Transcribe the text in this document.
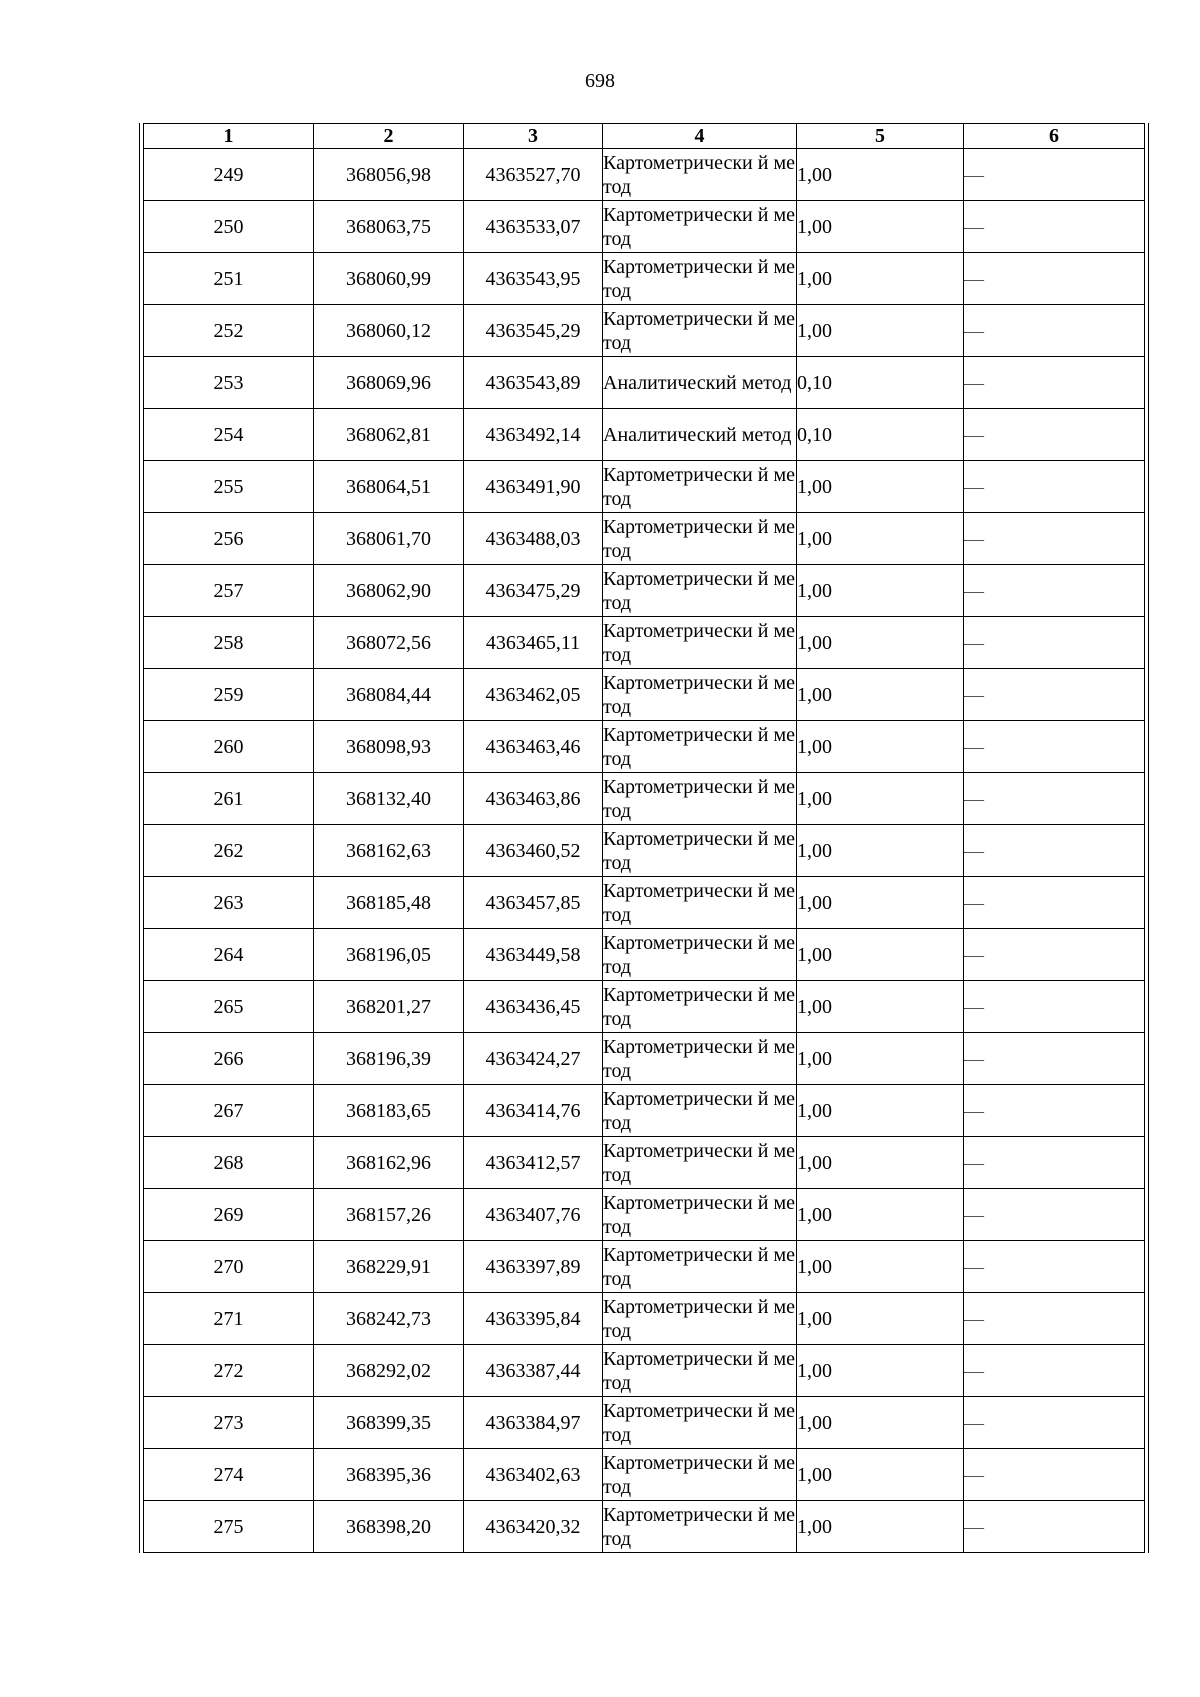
698
1	2	3	4	5	6
249	368056,98	4363527,70	Картометрически й метод	1,00	—
250	368063,75	4363533,07	Картометрически й метод	1,00	—
251	368060,99	4363543,95	Картометрически й метод	1,00	—
252	368060,12	4363545,29	Картометрически й метод	1,00	—
253	368069,96	4363543,89	Аналитический метод	0,10	—
254	368062,81	4363492,14	Аналитический метод	0,10	—
255	368064,51	4363491,90	Картометрически й метод	1,00	—
256	368061,70	4363488,03	Картометрически й метод	1,00	—
257	368062,90	4363475,29	Картометрически й метод	1,00	—
258	368072,56	4363465,11	Картометрически й метод	1,00	—
259	368084,44	4363462,05	Картометрически й метод	1,00	—
260	368098,93	4363463,46	Картометрически й метод	1,00	—
261	368132,40	4363463,86	Картометрически й метод	1,00	—
262	368162,63	4363460,52	Картометрически й метод	1,00	—
263	368185,48	4363457,85	Картометрически й метод	1,00	—
264	368196,05	4363449,58	Картометрически й метод	1,00	—
265	368201,27	4363436,45	Картометрически й метод	1,00	—
266	368196,39	4363424,27	Картометрически й метод	1,00	—
267	368183,65	4363414,76	Картометрически й метод	1,00	—
268	368162,96	4363412,57	Картометрически й метод	1,00	—
269	368157,26	4363407,76	Картометрически й метод	1,00	—
270	368229,91	4363397,89	Картометрически й метод	1,00	—
271	368242,73	4363395,84	Картометрически й метод	1,00	—
272	368292,02	4363387,44	Картометрически й метод	1,00	—
273	368399,35	4363384,97	Картометрически й метод	1,00	—
274	368395,36	4363402,63	Картометрически й метод	1,00	—
275	368398,20	4363420,32	Картометрически й метод	1,00	—
